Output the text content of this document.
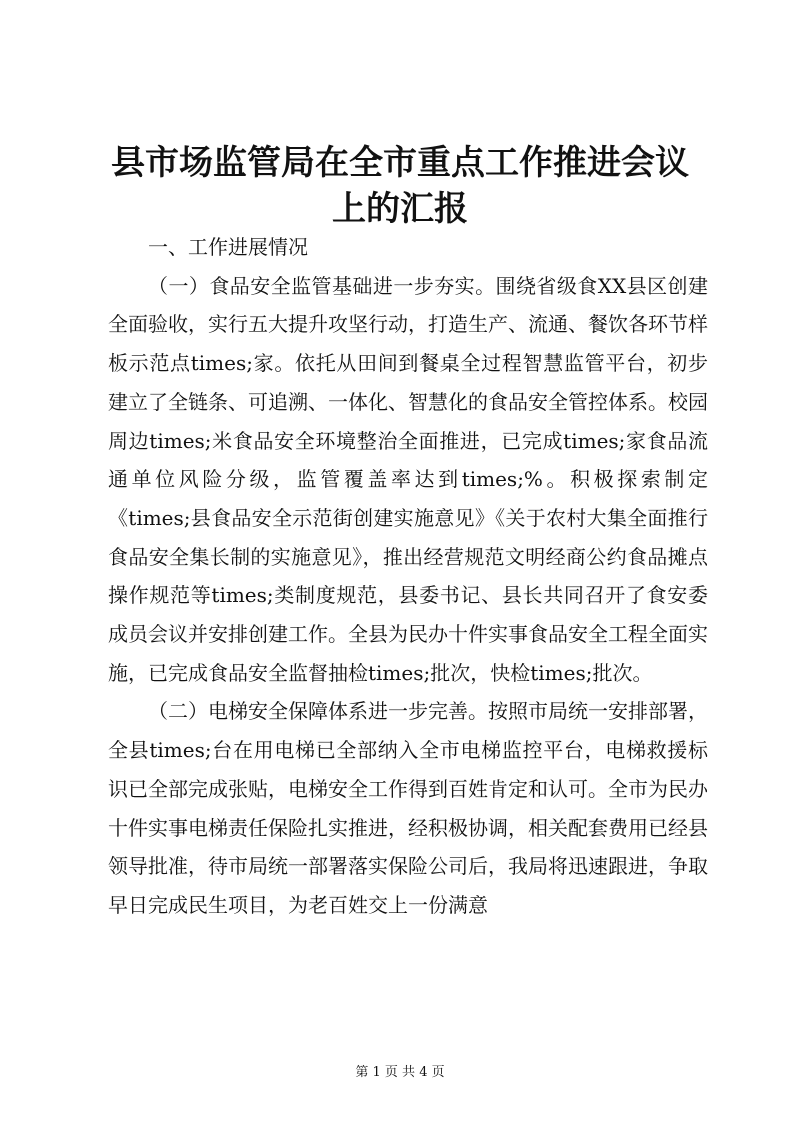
县市场监管局在全市重点工作推进会议上的汇报

一、工作进展情况

（一）食品安全监管基础进一步夯实。围绕省级食XX县区创建全面验收，实行五大提升攻坚行动，打造生产、流通、餐饮各环节样板示范点times;家。依托从田间到餐桌全过程智慧监管平台，初步建立了全链条、可追溯、一体化、智慧化的食品安全管控体系。校园周边times;米食品安全环境整治全面推进，已完成times;家食品流通单位风险分级，监管覆盖率达到times;%。积极探索制定《times;县食品安全示范街创建实施意见》《关于农村大集全面推行食品安全集长制的实施意见》，推出经营规范文明经商公约食品摊点操作规范等times;类制度规范，县委书记、县长共同召开了食安委成员会议并安排创建工作。全县为民办十件实事食品安全工程全面实施，已完成食品安全监督抽检times;批次，快检times;批次。

（二）电梯安全保障体系进一步完善。按照市局统一安排部署，全县times;台在用电梯已全部纳入全市电梯监控平台，电梯救援标识已全部完成张贴，电梯安全工作得到百姓肯定和认可。全市为民办十件实事电梯责任保险扎实推进，经积极协调，相关配套费用已经县领导批准，待市局统一部署落实保险公司后，我局将迅速跟进，争取早日完成民生项目，为老百姓交上一份满意

第 1 页 共 4 页
